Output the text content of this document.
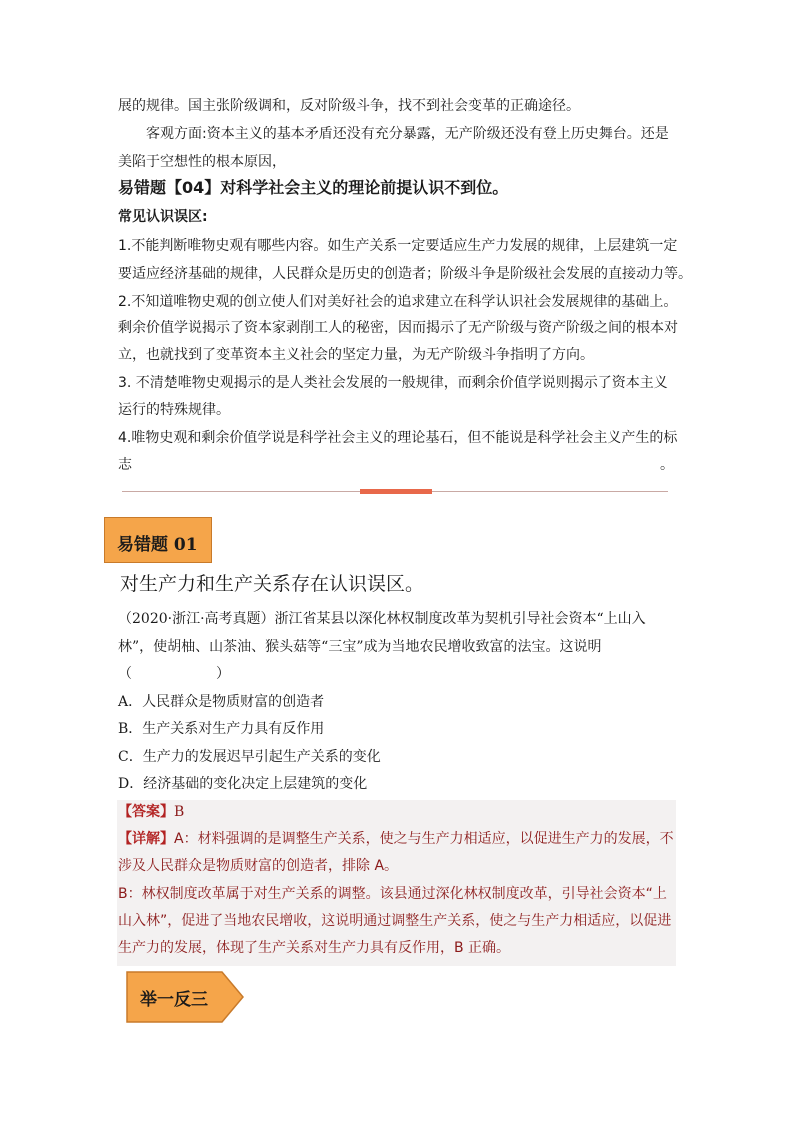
展的规律。国主张阶级调和，反对阶级斗争，找不到社会变革的正确途径。
客观方面:资本主义的基本矛盾还没有充分暴露，无产阶级还没有登上历史舞台。还是
美陷于空想性的根本原因，
易错题【04】对科学社会主义的理论前提认识不到位。
常见认识误区:
1.不能判断唯物史观有哪些内容。如生产关系一定要适应生产力发展的规律，上层建筑一定
要适应经济基础的规律，人民群众是历史的创造者；阶级斗争是阶级社会发展的直接动力等。
2.不知道唯物史观的创立使人们对美好社会的追求建立在科学认识社会发展规律的基础上。
剩余价值学说揭示了资本家剥削工人的秘密，因而揭示了无产阶级与资产阶级之间的根本对
立，也就找到了变革资本主义社会的坚定力量，为无产阶级斗争指明了方向。
3. 不清楚唯物史观揭示的是人类社会发展的一般规律，而剩余价值学说则揭示了资本主义
运行的特殊规律。
4.唯物史观和剩余价值学说是科学社会主义的理论基石，但不能说是科学社会主义产生的标
志	。
易错题 01
对生产力和生产关系存在认识误区。
（2020·浙江·高考真题）浙江省某县以深化林权制度改革为契机引导社会资本“上山入
林”，使胡柚、山茶油、猴头菇等“三宝”成为当地农民增收致富的法宝。这说明
（　　　　　　）
A．人民群众是物质财富的创造者
B．生产关系对生产力具有反作用
C．生产力的发展迟早引起生产关系的变化
D．经济基础的变化决定上层建筑的变化
【答案】B
【详解】A：材料强调的是调整生产关系，使之与生产力相适应，以促进生产力的发展，不
涉及人民群众是物质财富的创造者，排除 A。
B：林权制度改革属于对生产关系的调整。该县通过深化林权制度改革，引导社会资本“上
山入林”，促进了当地农民增收，这说明通过调整生产关系，使之与生产力相适应，以促进
生产力的发展，体现了生产关系对生产力具有反作用，B 正确。
举一反三
